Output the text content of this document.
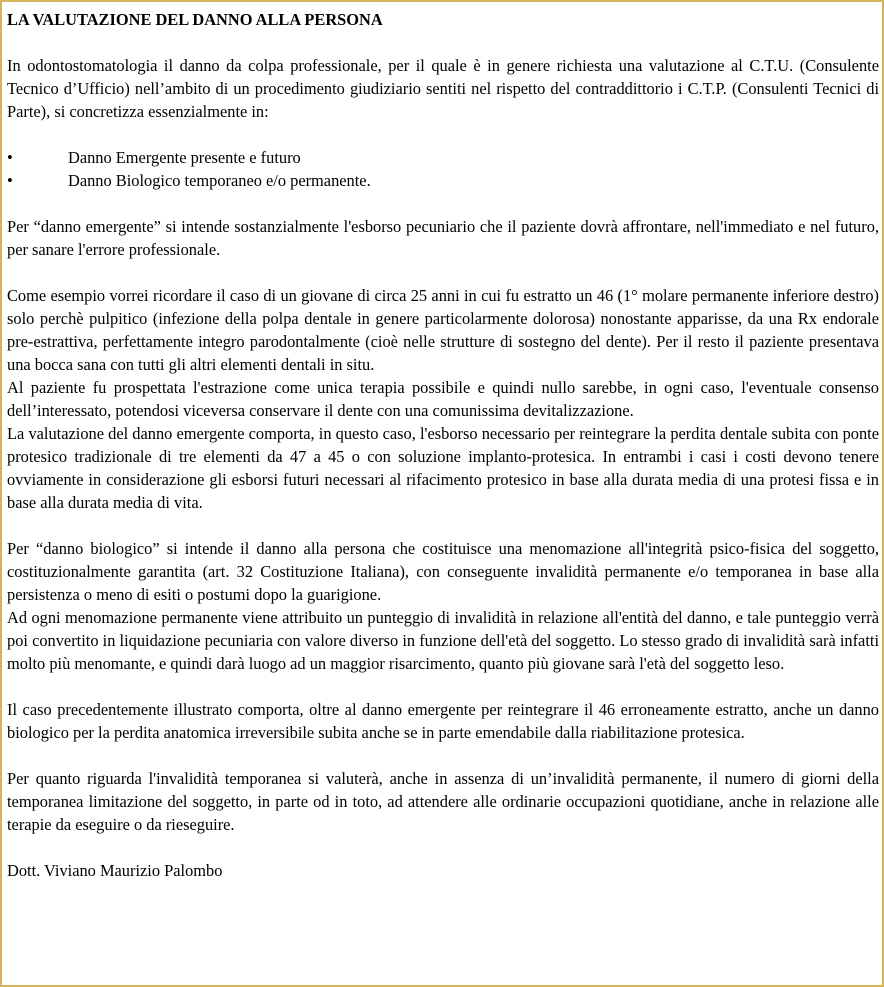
LA VALUTAZIONE DEL DANNO ALLA PERSONA

In odontostomatologia il danno da colpa professionale, per il quale è in genere richiesta una valutazione al C.T.U. (Consulente Tecnico d’Ufficio) nell’ambito di un procedimento giudiziario sentiti nel rispetto del contraddittorio i C.T.P. (Consulenti Tecnici di Parte), si concretizza essenzialmente in:

•	Danno Emergente presente e futuro
•	Danno Biologico temporaneo e/o permanente.

Per “danno emergente” si intende sostanzialmente l'esborso pecuniario che il paziente dovrà affrontare, nell'immediato e nel futuro, per sanare l'errore professionale.

Come esempio vorrei ricordare il caso di un giovane di circa 25 anni in cui fu estratto un 46 (1° molare permanente inferiore destro) solo perchè pulpitico (infezione della polpa dentale in genere particolarmente dolorosa) nonostante apparisse, da una Rx endorale pre-estrattiva, perfettamente integro parodontalmente (cioè nelle strutture di sostegno del dente). Per il resto il paziente presentava una bocca sana con tutti gli altri elementi dentali in situ.

Al paziente fu prospettata l'estrazione come unica terapia possibile e quindi nullo sarebbe, in ogni caso, l'eventuale consenso dell’interessato, potendosi viceversa conservare il dente con una comunissima devitalizzazione.

La valutazione del danno emergente comporta, in questo caso, l'esborso necessario per reintegrare la perdita dentale subita con ponte protesico tradizionale di tre elementi da 47 a 45 o con soluzione implanto-protesica. In entrambi i casi i costi devono tenere ovviamente in considerazione gli esborsi futuri necessari al rifacimento protesico in base alla durata media di una protesi fissa e in base alla durata media di vita.

Per “danno biologico” si intende il danno alla persona che costituisce una menomazione all'integrità psico-fisica del soggetto, costituzionalmente garantita (art. 32 Costituzione Italiana), con conseguente invalidità permanente e/o temporanea in base alla persistenza o meno di esiti o postumi dopo la guarigione.

Ad ogni menomazione permanente viene attribuito un punteggio di invalidità in relazione all'entità del danno, e tale punteggio verrà poi convertito in liquidazione pecuniaria con valore diverso in funzione dell'età del soggetto. Lo stesso grado di invalidità sarà infatti molto più menomante, e quindi darà luogo ad un maggior risarcimento, quanto più giovane sarà l'età del soggetto leso.

Il caso precedentemente illustrato comporta, oltre al danno emergente per reintegrare il 46 erroneamente estratto, anche un danno biologico per la perdita anatomica irreversibile subita anche se in parte emendabile dalla riabilitazione protesica.

Per quanto riguarda l'invalidità temporanea si valuterà, anche in assenza di un’invalidità permanente, il numero di giorni della temporanea limitazione del soggetto, in parte od in toto, ad attendere alle ordinarie occupazioni quotidiane, anche in relazione alle terapie da eseguire o da rieseguire.

Dott. Viviano Maurizio Palombo
